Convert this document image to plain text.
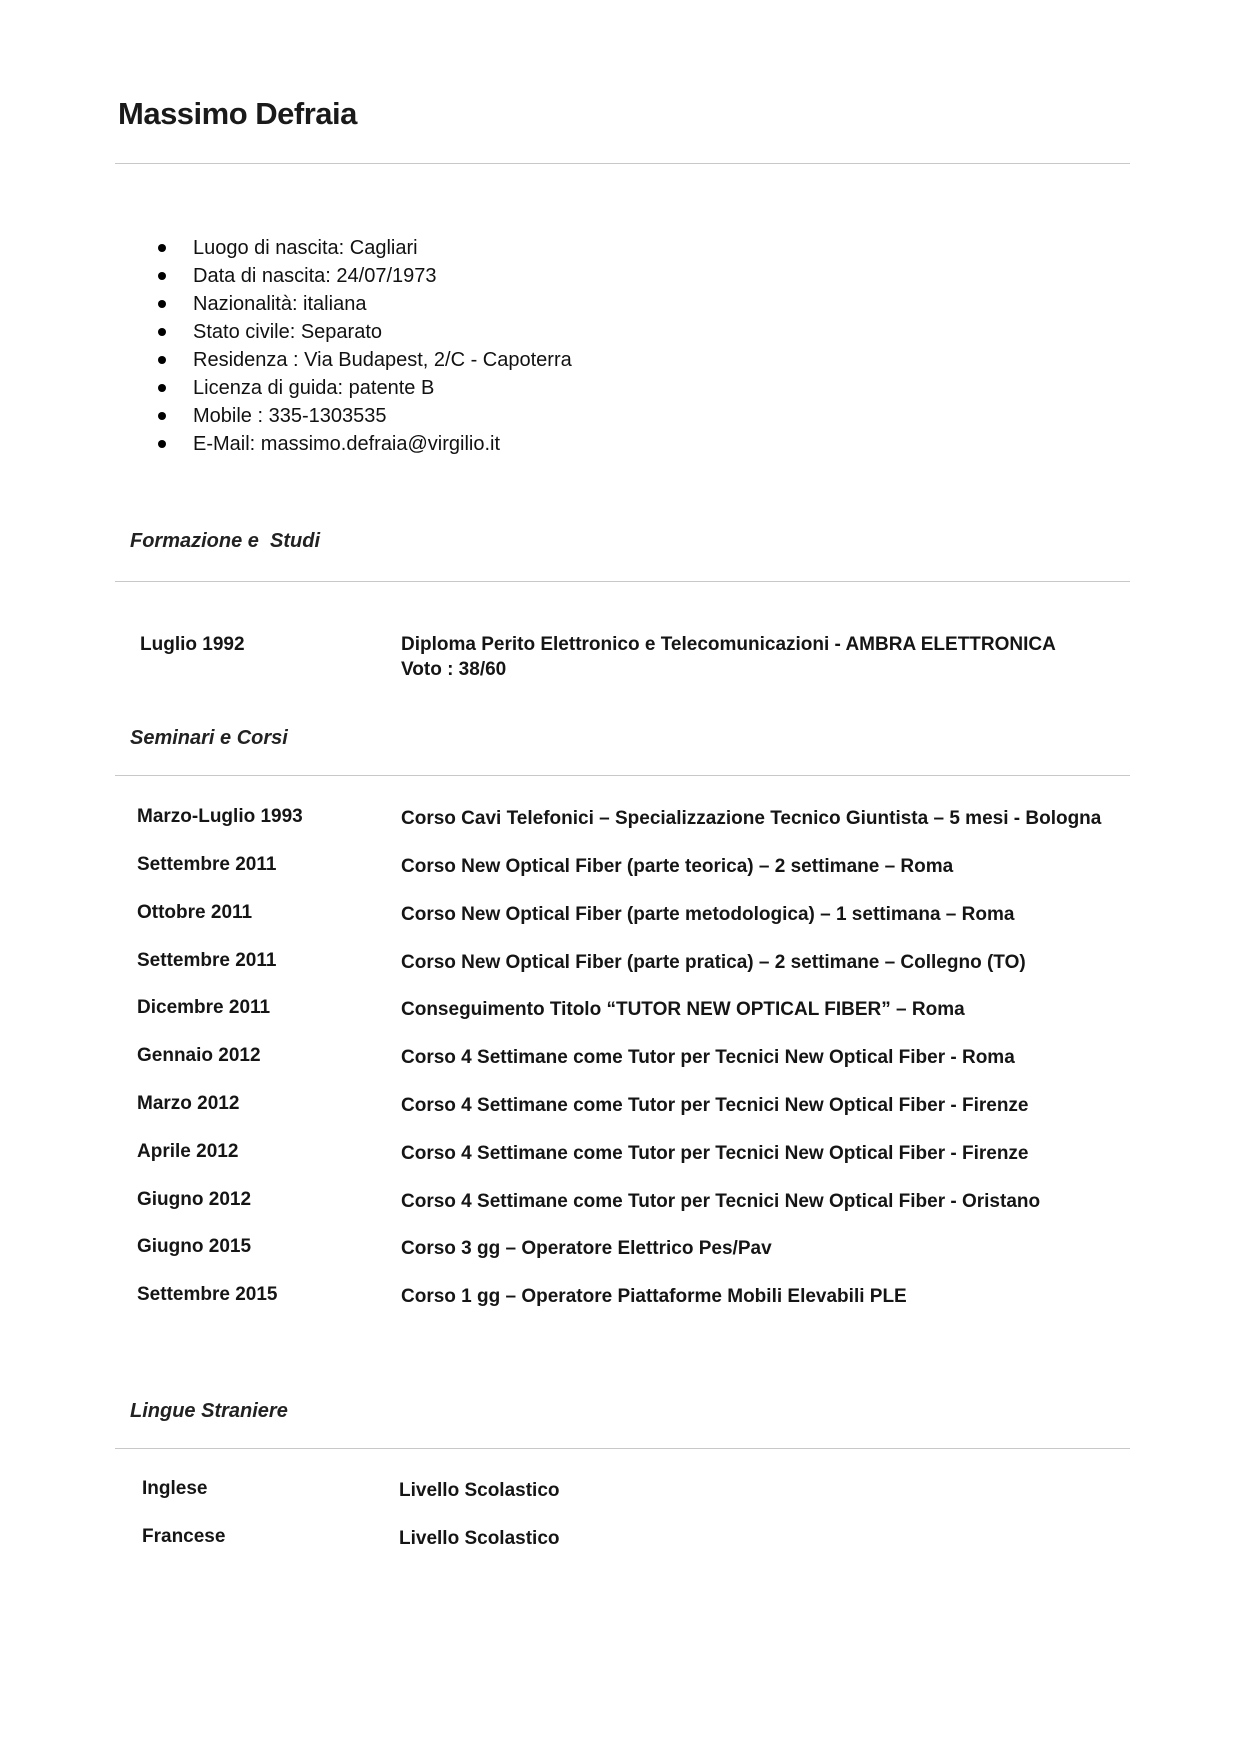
Massimo Defraia
Luogo di nascita: Cagliari
Data di nascita: 24/07/1973
Nazionalità: italiana
Stato civile: Separato
Residenza : Via Budapest, 2/C - Capoterra
Licenza di guida: patente B
Mobile : 335-1303535
E-Mail: massimo.defraia@virgilio.it
Formazione e  Studi
Luglio 1992	Diploma Perito Elettronico e Telecomunicazioni - AMBRA ELETTRONICA
Voto : 38/60
Seminari e Corsi
Marzo-Luglio 1993	Corso Cavi Telefonici – Specializzazione Tecnico Giuntista – 5 mesi - Bologna
Settembre 2011	Corso New Optical Fiber (parte teorica) – 2 settimane – Roma
Ottobre 2011	Corso New Optical Fiber (parte metodologica) – 1 settimana – Roma
Settembre 2011	Corso New Optical Fiber (parte pratica) – 2 settimane – Collegno (TO)
Dicembre 2011	Conseguimento Titolo “TUTOR NEW OPTICAL FIBER” – Roma
Gennaio 2012	Corso 4 Settimane come Tutor per Tecnici New Optical Fiber - Roma
Marzo 2012	Corso 4 Settimane come Tutor per Tecnici New Optical Fiber - Firenze
Aprile 2012	Corso 4 Settimane come Tutor per Tecnici New Optical Fiber - Firenze
Giugno 2012	Corso 4 Settimane come Tutor per Tecnici New Optical Fiber - Oristano
Giugno 2015	Corso 3 gg – Operatore Elettrico Pes/Pav
Settembre 2015	Corso 1 gg – Operatore Piattaforme Mobili Elevabili PLE
Lingue Straniere
Inglese	Livello Scolastico
Francese	Livello Scolastico
